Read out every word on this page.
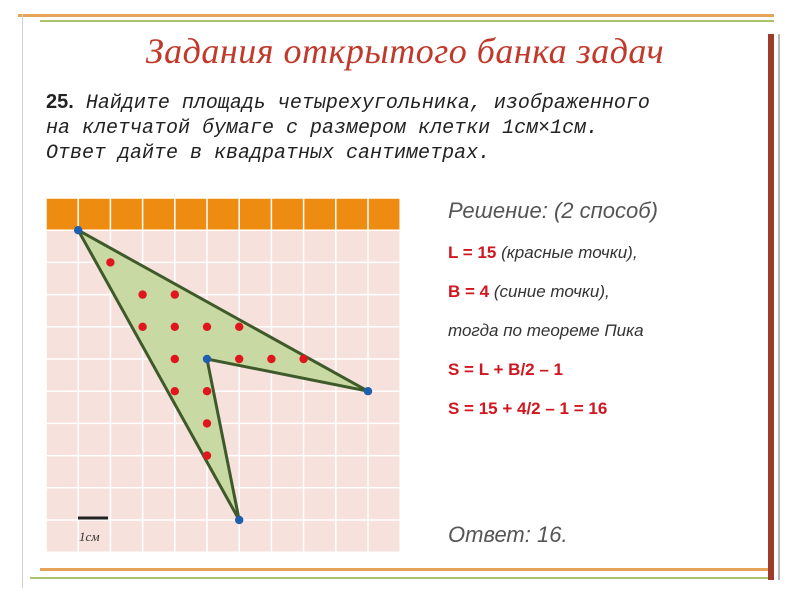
Задания открытого банка задач
25. Найдите площадь четырехугольника, изображенного
на клетчатой бумаге с размером клетки 1см×1см.
Ответ дайте в квадратных сантиметрах.
1см
Решение: (2 способ)
L = 15 (красные точки),
B = 4 (синие точки),
тогда по теореме Пика
S = L + B/2 – 1
S = 15 + 4/2 – 1 = 16
Ответ: 16.
